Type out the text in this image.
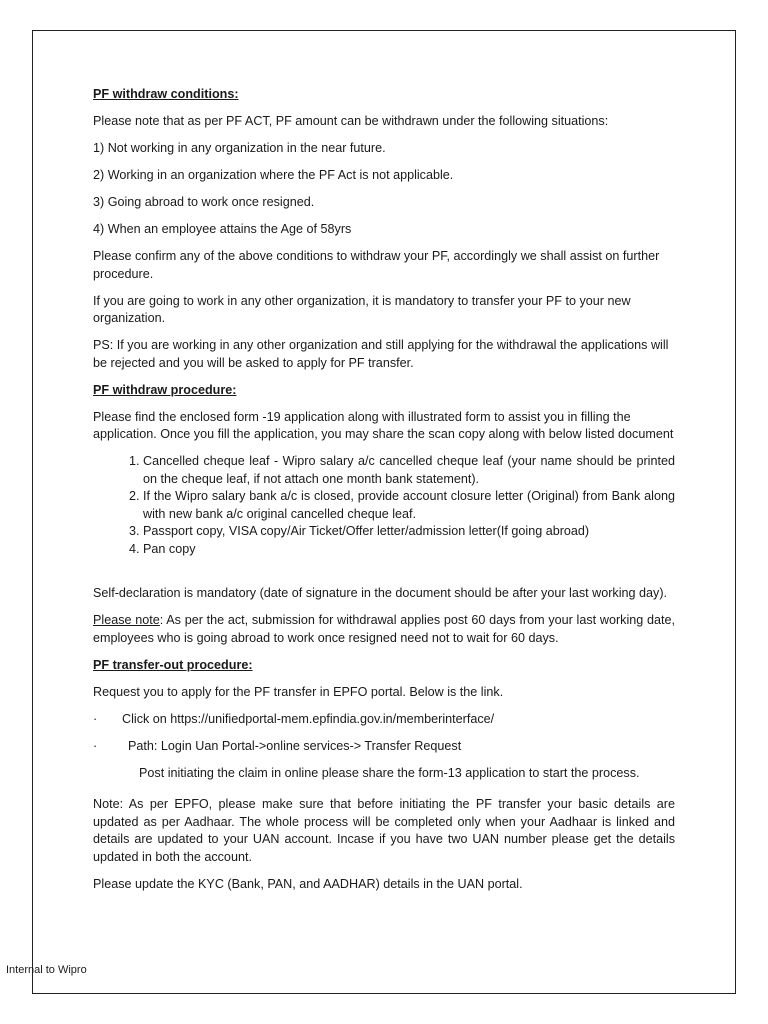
PF withdraw conditions:

Please note that as per PF ACT, PF amount can be withdrawn under the following situations:

1) Not working in any organization in the near future.

2) Working in an organization where the PF Act is not applicable.

3) Going abroad to work once resigned.

4) When an employee attains the Age of 58yrs

Please confirm any of the above conditions to withdraw your PF, accordingly we shall assist on further procedure.

If you are going to work in any other organization, it is mandatory to transfer your PF to your new organization.

PS: If you are working in any other organization and still applying for the withdrawal the applications will be rejected and you will be asked to apply for PF transfer.

PF withdraw procedure:

Please find the enclosed form -19 application along with illustrated form to assist you in filling the application. Once you fill the application, you may share the scan copy along with below listed document

1. Cancelled cheque leaf - Wipro salary a/c cancelled cheque leaf (your name should be printed on the cheque leaf, if not attach one month bank statement).
2. If the Wipro salary bank a/c is closed, provide account closure letter (Original) from Bank along with new bank a/c original cancelled cheque leaf.
3. Passport copy, VISA copy/Air Ticket/Offer letter/admission letter(If going abroad)
4. Pan copy

Self-declaration is mandatory (date of signature in the document should be after your last working day).

Please note: As per the act, submission for withdrawal applies post 60 days from your last working date, employees who is going abroad to work once resigned need not to wait for 60 days.

PF transfer-out procedure:

Request you to apply for the PF transfer in EPFO portal. Below is the link.

·	Click on https://unifiedportal-mem.epfindia.gov.in/memberinterface/
·	Path: Login Uan Portal->online services-> Transfer Request

Post initiating the claim in online please share the form-13 application to start the process.

Note: As per EPFO, please make sure that before initiating the PF transfer your basic details are updated as per Aadhaar. The whole process will be completed only when your Aadhaar is linked and details are updated to your UAN account. Incase if you have two UAN number please get the details updated in both the account.

Please update the KYC (Bank, PAN, and AADHAR) details in the UAN portal.

Internal to Wipro
